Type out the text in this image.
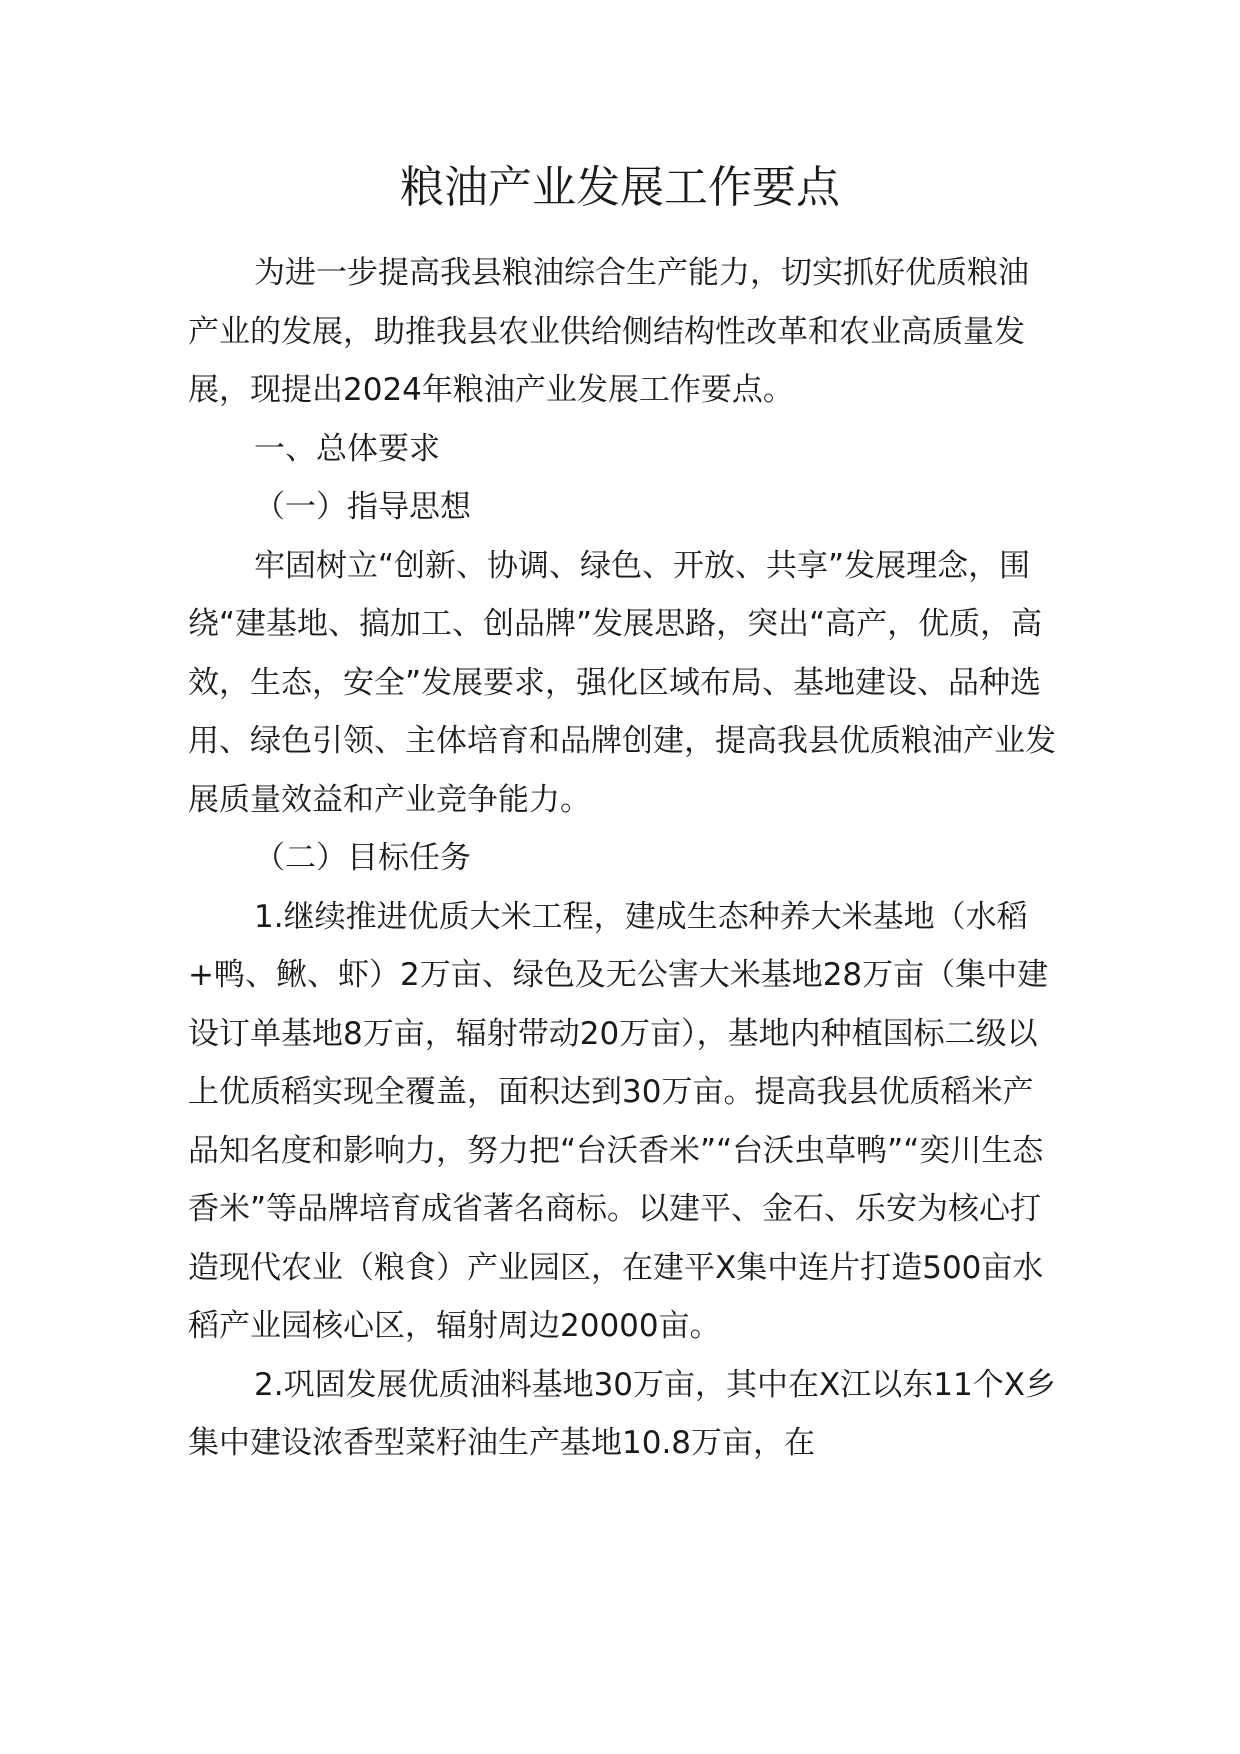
粮油产业发展工作要点

为进一步提高我县粮油综合生产能力，切实抓好优质粮油产业的发展，助推我县农业供给侧结构性改革和农业高质量发展，现提出2024年粮油产业发展工作要点。

一、总体要求

（一）指导思想

牢固树立“创新、协调、绿色、开放、共享”发展理念，围绕“建基地、搞加工、创品牌”发展思路，突出“高产，优质，高效，生态，安全”发展要求，强化区域布局、基地建设、品种选用、绿色引领、主体培育和品牌创建，提高我县优质粮油产业发展质量效益和产业竞争能力。

（二）目标任务

1.继续推进优质大米工程，建成生态种养大米基地（水稻+鸭、鳅、虾）2万亩、绿色及无公害大米基地28万亩（集中建设订单基地8万亩，辐射带动20万亩），基地内种植国标二级以上优质稻实现全覆盖，面积达到30万亩。提高我县优质稻米产品知名度和影响力，努力把“台沃香米”“台沃虫草鸭”“奕川生态香米”等品牌培育成省著名商标。以建平、金石、乐安为核心打造现代农业（粮食）产业园区，在建平X集中连片打造500亩水稻产业园核心区，辐射周边20000亩。

2.巩固发展优质油料基地30万亩，其中在X江以东11个X乡集中建设浓香型菜籽油生产基地10.8万亩，在
